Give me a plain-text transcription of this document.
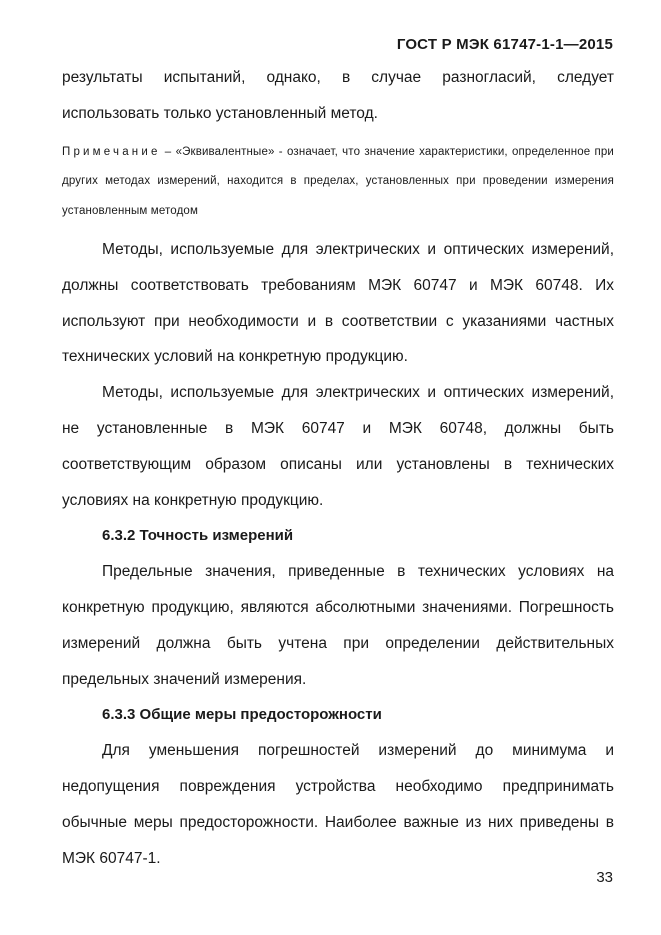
ГОСТ Р МЭК 61747-1-1—2015

результаты испытаний, однако, в случае разногласий, следует использовать только установленный метод.

Примечание – «Эквивалентные» - означает, что значение характеристики, определенное при других методах измерений, находится в пределах, установленных при проведении измерения установленным методом

Методы, используемые для электрических и оптических измерений, должны соответствовать требованиям МЭК 60747 и МЭК 60748. Их используют при необходимости и в соответствии с указаниями частных технических условий на конкретную продукцию.

Методы, используемые для электрических и оптических измерений, не установленные в МЭК 60747 и МЭК 60748, должны быть соответствующим образом описаны или установлены в технических условиях на конкретную продукцию.

6.3.2 Точность измерений

Предельные значения, приведенные в технических условиях на конкретную продукцию, являются абсолютными значениями. Погрешность измерений должна быть учтена при определении действительных предельных значений измерения.

6.3.3 Общие меры предосторожности

Для уменьшения погрешностей измерений до минимума и недопущения повреждения устройства необходимо предпринимать обычные меры предосторожности. Наиболее важные из них приведены в МЭК 60747-1.

33
